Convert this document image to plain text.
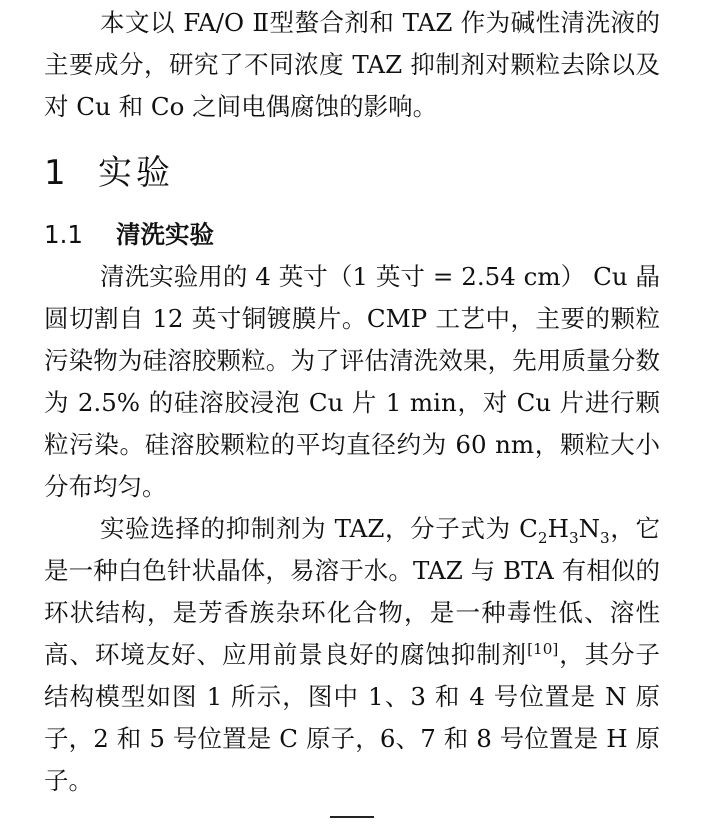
本文以 FA/O Ⅱ型螯合剂和 TAZ 作为碱性清洗液的主要成分，研究了不同浓度 TAZ 抑制剂对颗粒去除以及对 Cu 和 Co 之间电偶腐蚀的影响。

1 实验
1.1 清洗实验

清洗实验用的 4 英寸（1 英寸 = 2.54 cm） Cu 晶圆切割自 12 英寸铜镀膜片。CMP 工艺中，主要的颗粒污染物为硅溶胶颗粒。为了评估清洗效果，先用质量分数为 2.5% 的硅溶胶浸泡 Cu 片 1 min，对 Cu 片进行颗粒污染。硅溶胶颗粒的平均直径约为 60 nm，颗粒大小分布均匀。

实验选择的抑制剂为 TAZ，分子式为 $C_2H_3N_3$，它是一种白色针状晶体，易溶于水。TAZ 与 BTA 有相似的环状结构，是芳香族杂环化合物，是一种毒性低、溶性高、环境友好、应用前景良好的腐蚀抑制剂[10]，其分子结构模型如图 1 所示，图中 1、3 和 4 号位置是 N 原子，2 和 5 号位置是 C 原子，6、7 和 8 号位置是 H 原子。
